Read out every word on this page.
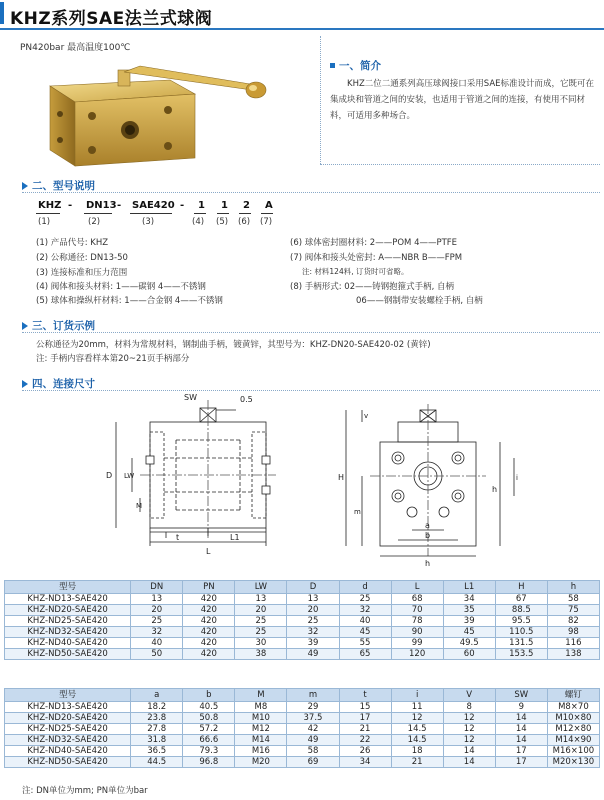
KHZ系列SAE法兰式球阀
PN420bar 最高温度100℃
一、简介
KHZ二位二通系列高压球阀接口采用SAE标准设计而成，它既可在集成块和管道之间的安装，也适用于管道之间的连接，有使用不同材料，可适用多种场合。
二、型号说明
KHZ - DN13 - SAE420 - 1 1 2 A
(1)	(2)	(3)	(4) (5) (6) (7)
(1) 产品代号: KHZ
(2) 公称通径: DN13-50
(3) 连接标准和压力范围
(4) 阀体和接头材料: 1——碳钢 4——不锈钢
(5) 球体和操纵杆材料: 1——合金钢 4——不锈钢
(6) 球体密封圈材料: 2——POM 4——PTFE
(7) 阀体和接头处密封: A——NBR B——FPM
注: 材料124料, 订货时可省略。
(8) 手柄形式: 02——铸钢抱箍式手柄, 自柄
06——钢制带安装螺栓手柄, 自柄
三、订货示例
公称通径为20mm，材料为常规材料，钢制曲手柄，镀黄锌，其型号为：KHZ-DN20-SAE420-02 (黄锌)
注: 手柄内容看样本第20~21页手柄部分
四、连接尺寸
SW	0.5
D LW
M
t	L1
L
v
H
m
h
i
a
b
h
型号	DN	PN	LW	D	d	L	L1	H	h
KHZ-ND13-SAE420	13	420	13	13	25	68	34	67	58
KHZ-ND20-SAE420	20	420	20	20	32	70	35	88.5	75
KHZ-ND25-SAE420	25	420	25	25	40	78	39	95.5	82
KHZ-ND32-SAE420	32	420	25	32	45	90	45	110.5	98
KHZ-ND40-SAE420	40	420	30	39	55	99	49.5	131.5	116
KHZ-ND50-SAE420	50	420	38	49	65	120	60	153.5	138
型号	a	b	M	m	t	i	V	SW	螺钉
KHZ-ND13-SAE420	18.2	40.5	M8	29	15	11	8	9	M8×70
KHZ-ND20-SAE420	23.8	50.8	M10	37.5	17	12	12	14	M10×80
KHZ-ND25-SAE420	27.8	57.2	M12	42	21	14.5	12	14	M12×80
KHZ-ND32-SAE420	31.8	66.6	M14	49	22	14.5	12	14	M14×90
KHZ-ND40-SAE420	36.5	79.3	M16	58	26	18	14	17	M16×100
KHZ-ND50-SAE420	44.5	96.8	M20	69	34	21	14	17	M20×130
注: DN单位为mm; PN单位为bar
